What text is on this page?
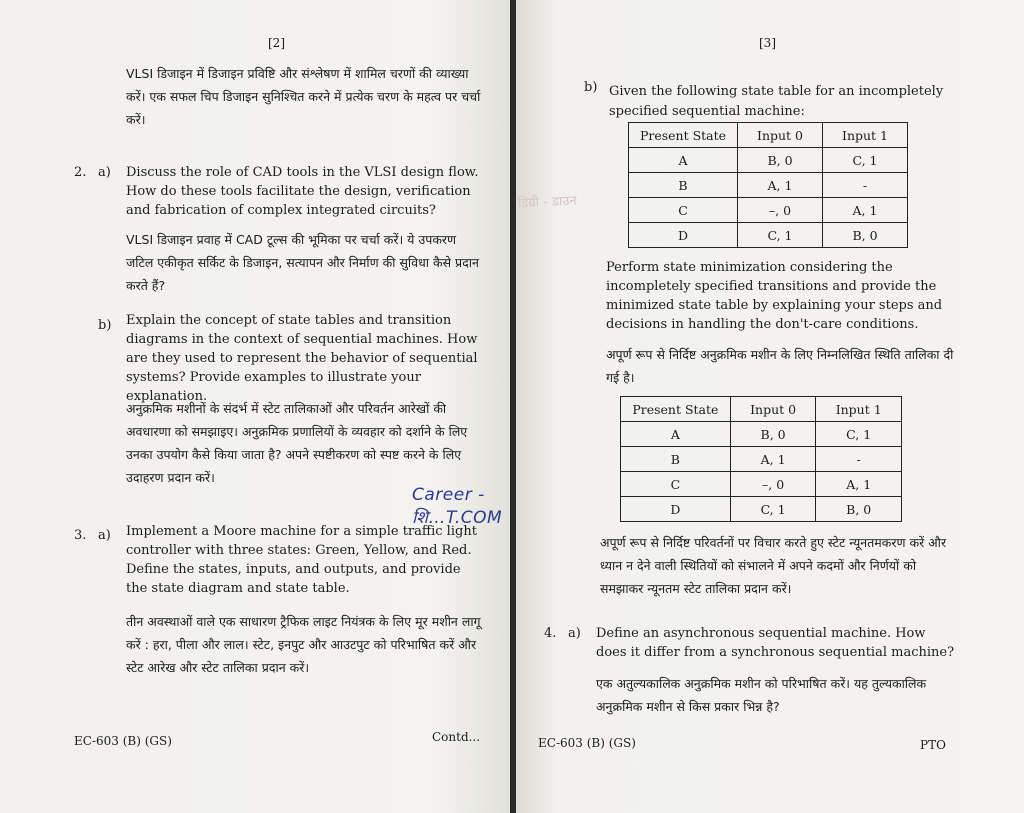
[2]
VLSI डिजाइन में डिजाइन प्रविष्टि और संश्लेषण में शामिल चरणों की व्याख्या करें। एक सफल चिप डिजाइन सुनिश्चित करने में प्रत्येक चरण के महत्व पर चर्चा करें।
2. a) Discuss the role of CAD tools in the VLSI design flow. How do these tools facilitate the design, verification and fabrication of complex integrated circuits?
VLSI डिजाइन प्रवाह में CAD टूल्स की भूमिका पर चर्चा करें। ये उपकरण जटिल एकीकृत सर्किट के डिजाइन, सत्यापन और निर्माण की सुविधा कैसे प्रदान करते हैं?
b) Explain the concept of state tables and transition diagrams in the context of sequential machines. How are they used to represent the behavior of sequential systems? Provide examples to illustrate your explanation.
अनुक्रमिक मशीनों के संदर्भ में स्टेट तालिकाओं और परिवर्तन आरेखों की अवधारणा को समझाइए। अनुक्रमिक प्रणालियों के व्यवहार को दर्शाने के लिए उनका उपयोग कैसे किया जाता है? अपने स्पष्टीकरण को स्पष्ट करने के लिए उदाहरण प्रदान करें।
3. a) Implement a Moore machine for a simple traffic light controller with three states: Green, Yellow, and Red. Define the states, inputs, and outputs, and provide the state diagram and state table.
तीन अवस्थाओं वाले एक साधारण ट्रैफिक लाइट नियंत्रक के लिए मूर मशीन लागू करें : हरा, पीला और लाल। स्टेट, इनपुट और आउटपुट को परिभाषित करें और स्टेट आरेख और स्टेट तालिका प्रदान करें।
EC-603 (B) (GS)	Contd...
Career - शि…T.COM
[3]
b) Given the following state table for an incompletely specified sequential machine:
Present State	Input 0	Input 1
A	B, 0	C, 1
B	A, 1	-
C	–, 0	A, 1
D	C, 1	B, 0
Perform state minimization considering the incompletely specified transitions and provide the minimized state table by explaining your steps and decisions in handling the don't-care conditions.
अपूर्ण रूप से निर्दिष्ट अनुक्रमिक मशीन के लिए निम्नलिखित स्थिति तालिका दी गई है।
Present State	Input 0	Input 1
A	B, 0	C, 1
B	A, 1	-
C	–, 0	A, 1
D	C, 1	B, 0
अपूर्ण रूप से निर्दिष्ट परिवर्तनों पर विचार करते हुए स्टेट न्यूनतमकरण करें और ध्यान न देने वाली स्थितियों को संभालने में अपने कदमों और निर्णयों को समझाकर न्यूनतम स्टेट तालिका प्रदान करें।
4. a) Define an asynchronous sequential machine. How does it differ from a synchronous sequential machine?
एक अतुल्यकालिक अनुक्रमिक मशीन को परिभाषित करें। यह तुल्यकालिक अनुक्रमिक मशीन से किस प्रकार भिन्न है?
EC-603 (B) (GS)	PTO
डिग्री - डाउन
